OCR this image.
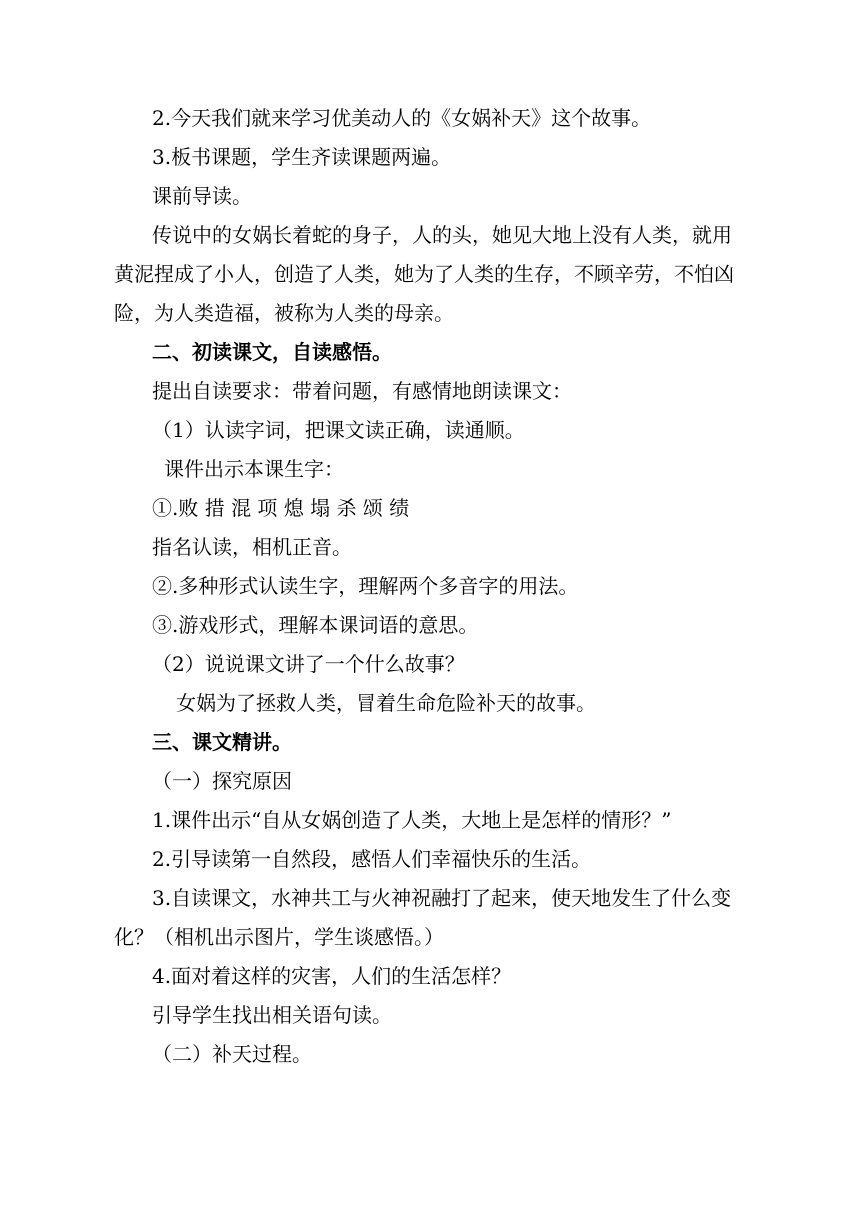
2.今天我们就来学习优美动人的《女娲补天》这个故事。
3.板书课题，学生齐读课题两遍。
课前导读。
传说中的女娲长着蛇的身子，人的头，她见大地上没有人类，就用
黄泥捏成了小人，创造了人类，她为了人类的生存，不顾辛劳，不怕凶
险，为人类造福，被称为人类的母亲。
二、初读课文，自读感悟。
提出自读要求：带着问题，有感情地朗读课文：
（1）认读字词，把课文读正确，读通顺。
课件出示本课生字：
①.败 措 混 项 熄 塌 杀 颂 绩
指名认读，相机正音。
②.多种形式认读生字，理解两个多音字的用法。
③.游戏形式，理解本课词语的意思。
（2）说说课文讲了一个什么故事？
女娲为了拯救人类，冒着生命危险补天的故事。
三、课文精讲。
（一）探究原因
1.课件出示“自从女娲创造了人类，大地上是怎样的情形？”
2.引导读第一自然段，感悟人们幸福快乐的生活。
3.自读课文，水神共工与火神祝融打了起来，使天地发生了什么变
化？（相机出示图片，学生谈感悟。）
4.面对着这样的灾害，人们的生活怎样？
引导学生找出相关语句读。
（二）补天过程。
